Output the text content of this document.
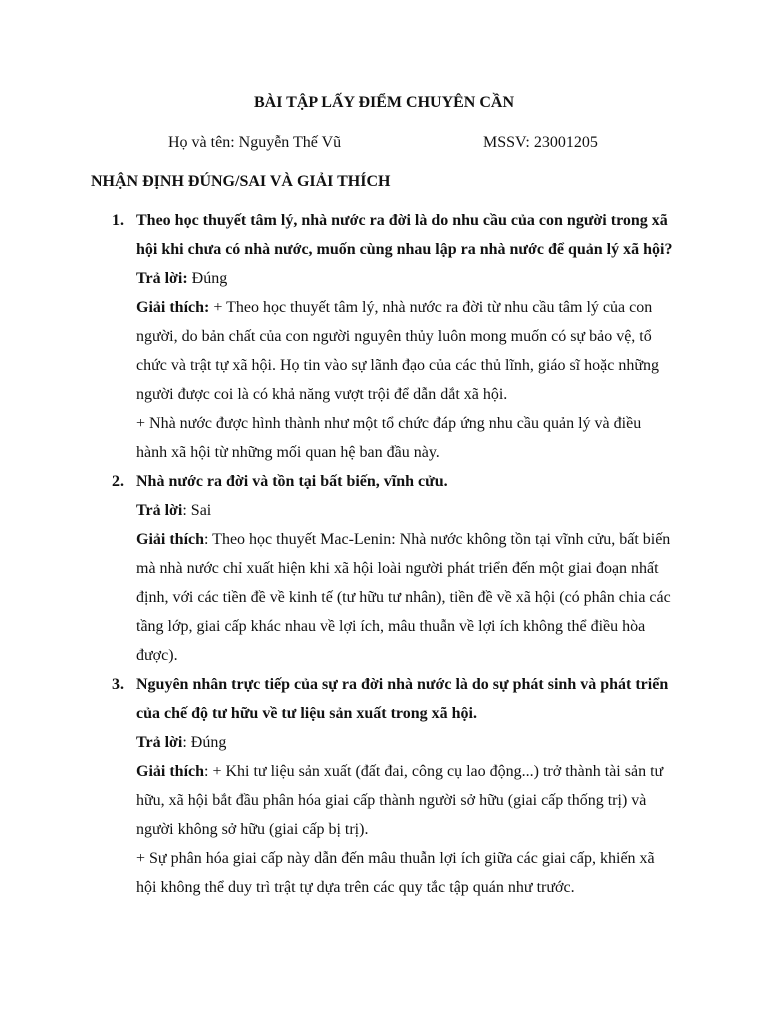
BÀI TẬP LẤY ĐIỂM CHUYÊN CẦN
Họ và tên: Nguyễn Thế Vũ	MSSV: 23001205
NHẬN ĐỊNH ĐÚNG/SAI VÀ GIẢI THÍCH
1. Theo học thuyết tâm lý, nhà nước ra đời là do nhu cầu của con người trong xã hội khi chưa có nhà nước, muốn cùng nhau lập ra nhà nước để quản lý xã hội?

Trả lời: Đúng

Giải thích: + Theo học thuyết tâm lý, nhà nước ra đời từ nhu cầu tâm lý của con người, do bản chất của con người nguyên thủy luôn mong muốn có sự bảo vệ, tổ chức và trật tự xã hội. Họ tin vào sự lãnh đạo của các thủ lĩnh, giáo sĩ hoặc những người được coi là có khả năng vượt trội để dẫn dắt xã hội.

+ Nhà nước được hình thành như một tổ chức đáp ứng nhu cầu quản lý và điều hành xã hội từ những mối quan hệ ban đầu này.

2. Nhà nước ra đời và tồn tại bất biến, vĩnh cửu.

Trả lời: Sai

Giải thích: Theo học thuyết Mac-Lenin: Nhà nước không tồn tại vĩnh cửu, bất biến mà nhà nước chỉ xuất hiện khi xã hội loài người phát triển đến một giai đoạn nhất định, với các tiền đề về kinh tế (tư hữu tư nhân), tiền đề về xã hội (có phân chia các tầng lớp, giai cấp khác nhau về lợi ích, mâu thuẫn về lợi ích không thể điều hòa được).

3. Nguyên nhân trực tiếp của sự ra đời nhà nước là do sự phát sinh và phát triển của chế độ tư hữu về tư liệu sản xuất trong xã hội.

Trả lời: Đúng

Giải thích: + Khi tư liệu sản xuất (đất đai, công cụ lao động...) trở thành tài sản tư hữu, xã hội bắt đầu phân hóa giai cấp thành người sở hữu (giai cấp thống trị) và người không sở hữu (giai cấp bị trị).

+ Sự phân hóa giai cấp này dẫn đến mâu thuẫn lợi ích giữa các giai cấp, khiến xã hội không thể duy trì trật tự dựa trên các quy tắc tập quán như trước.
